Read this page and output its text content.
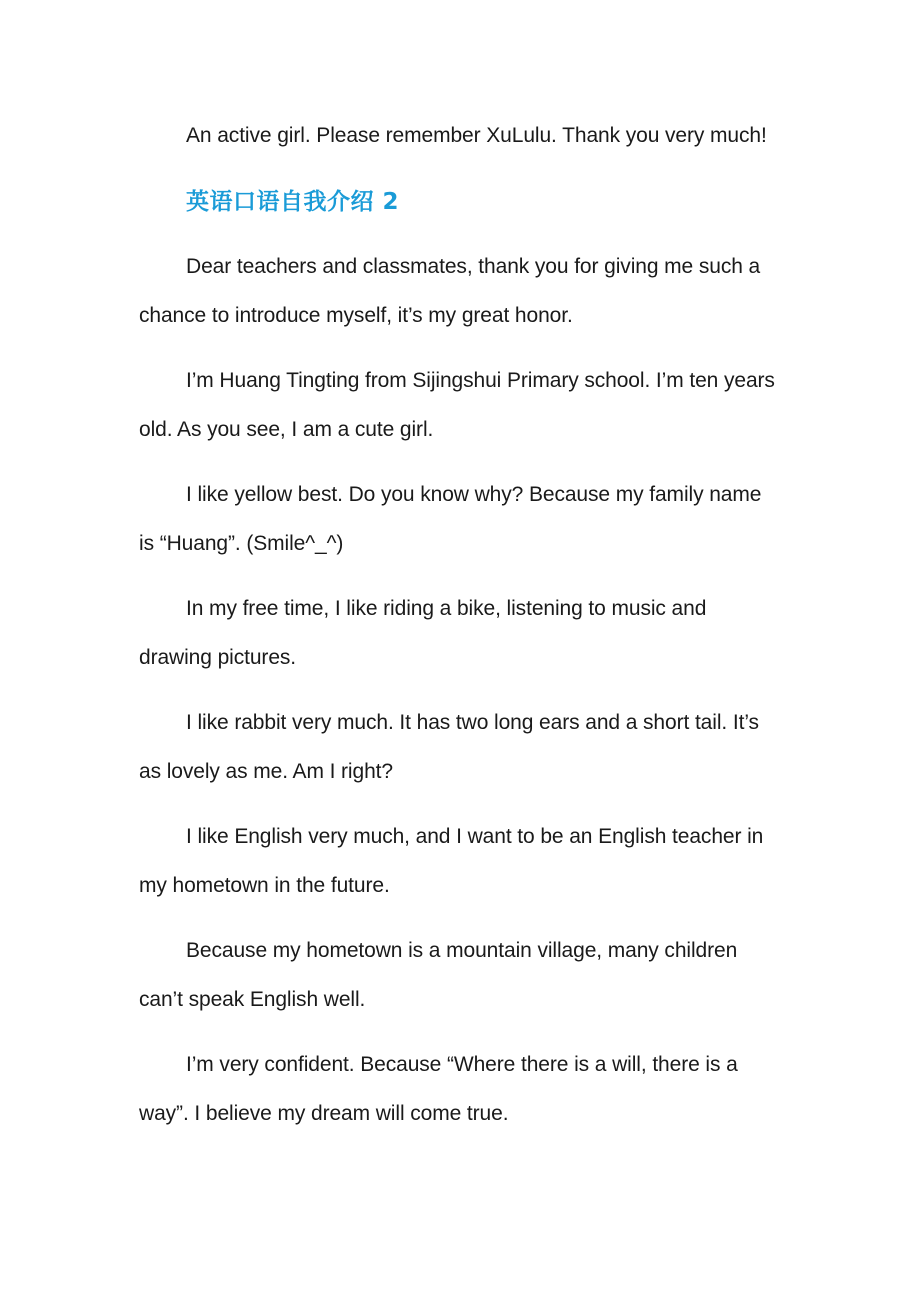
An active girl. Please remember XuLulu. Thank you very much!

英语口语自我介绍 2

Dear teachers and classmates, thank you for giving me such a chance to introduce myself, it’s my great honor.

I’m Huang Tingting from Sijingshui Primary school. I’m ten years old. As you see, I am a cute girl.

I like yellow best. Do you know why? Because my family name is “Huang”. (Smile^_^)

In my free time, I like riding a bike, listening to music and drawing pictures.

I like rabbit very much. It has two long ears and a short tail. It’s as lovely as me. Am I right?

I like English very much, and I want to be an English teacher in my hometown in the future.

Because my hometown is a mountain village, many children can’t speak English well.

I’m very confident. Because “Where there is a will, there is a way”. I believe my dream will come true.
